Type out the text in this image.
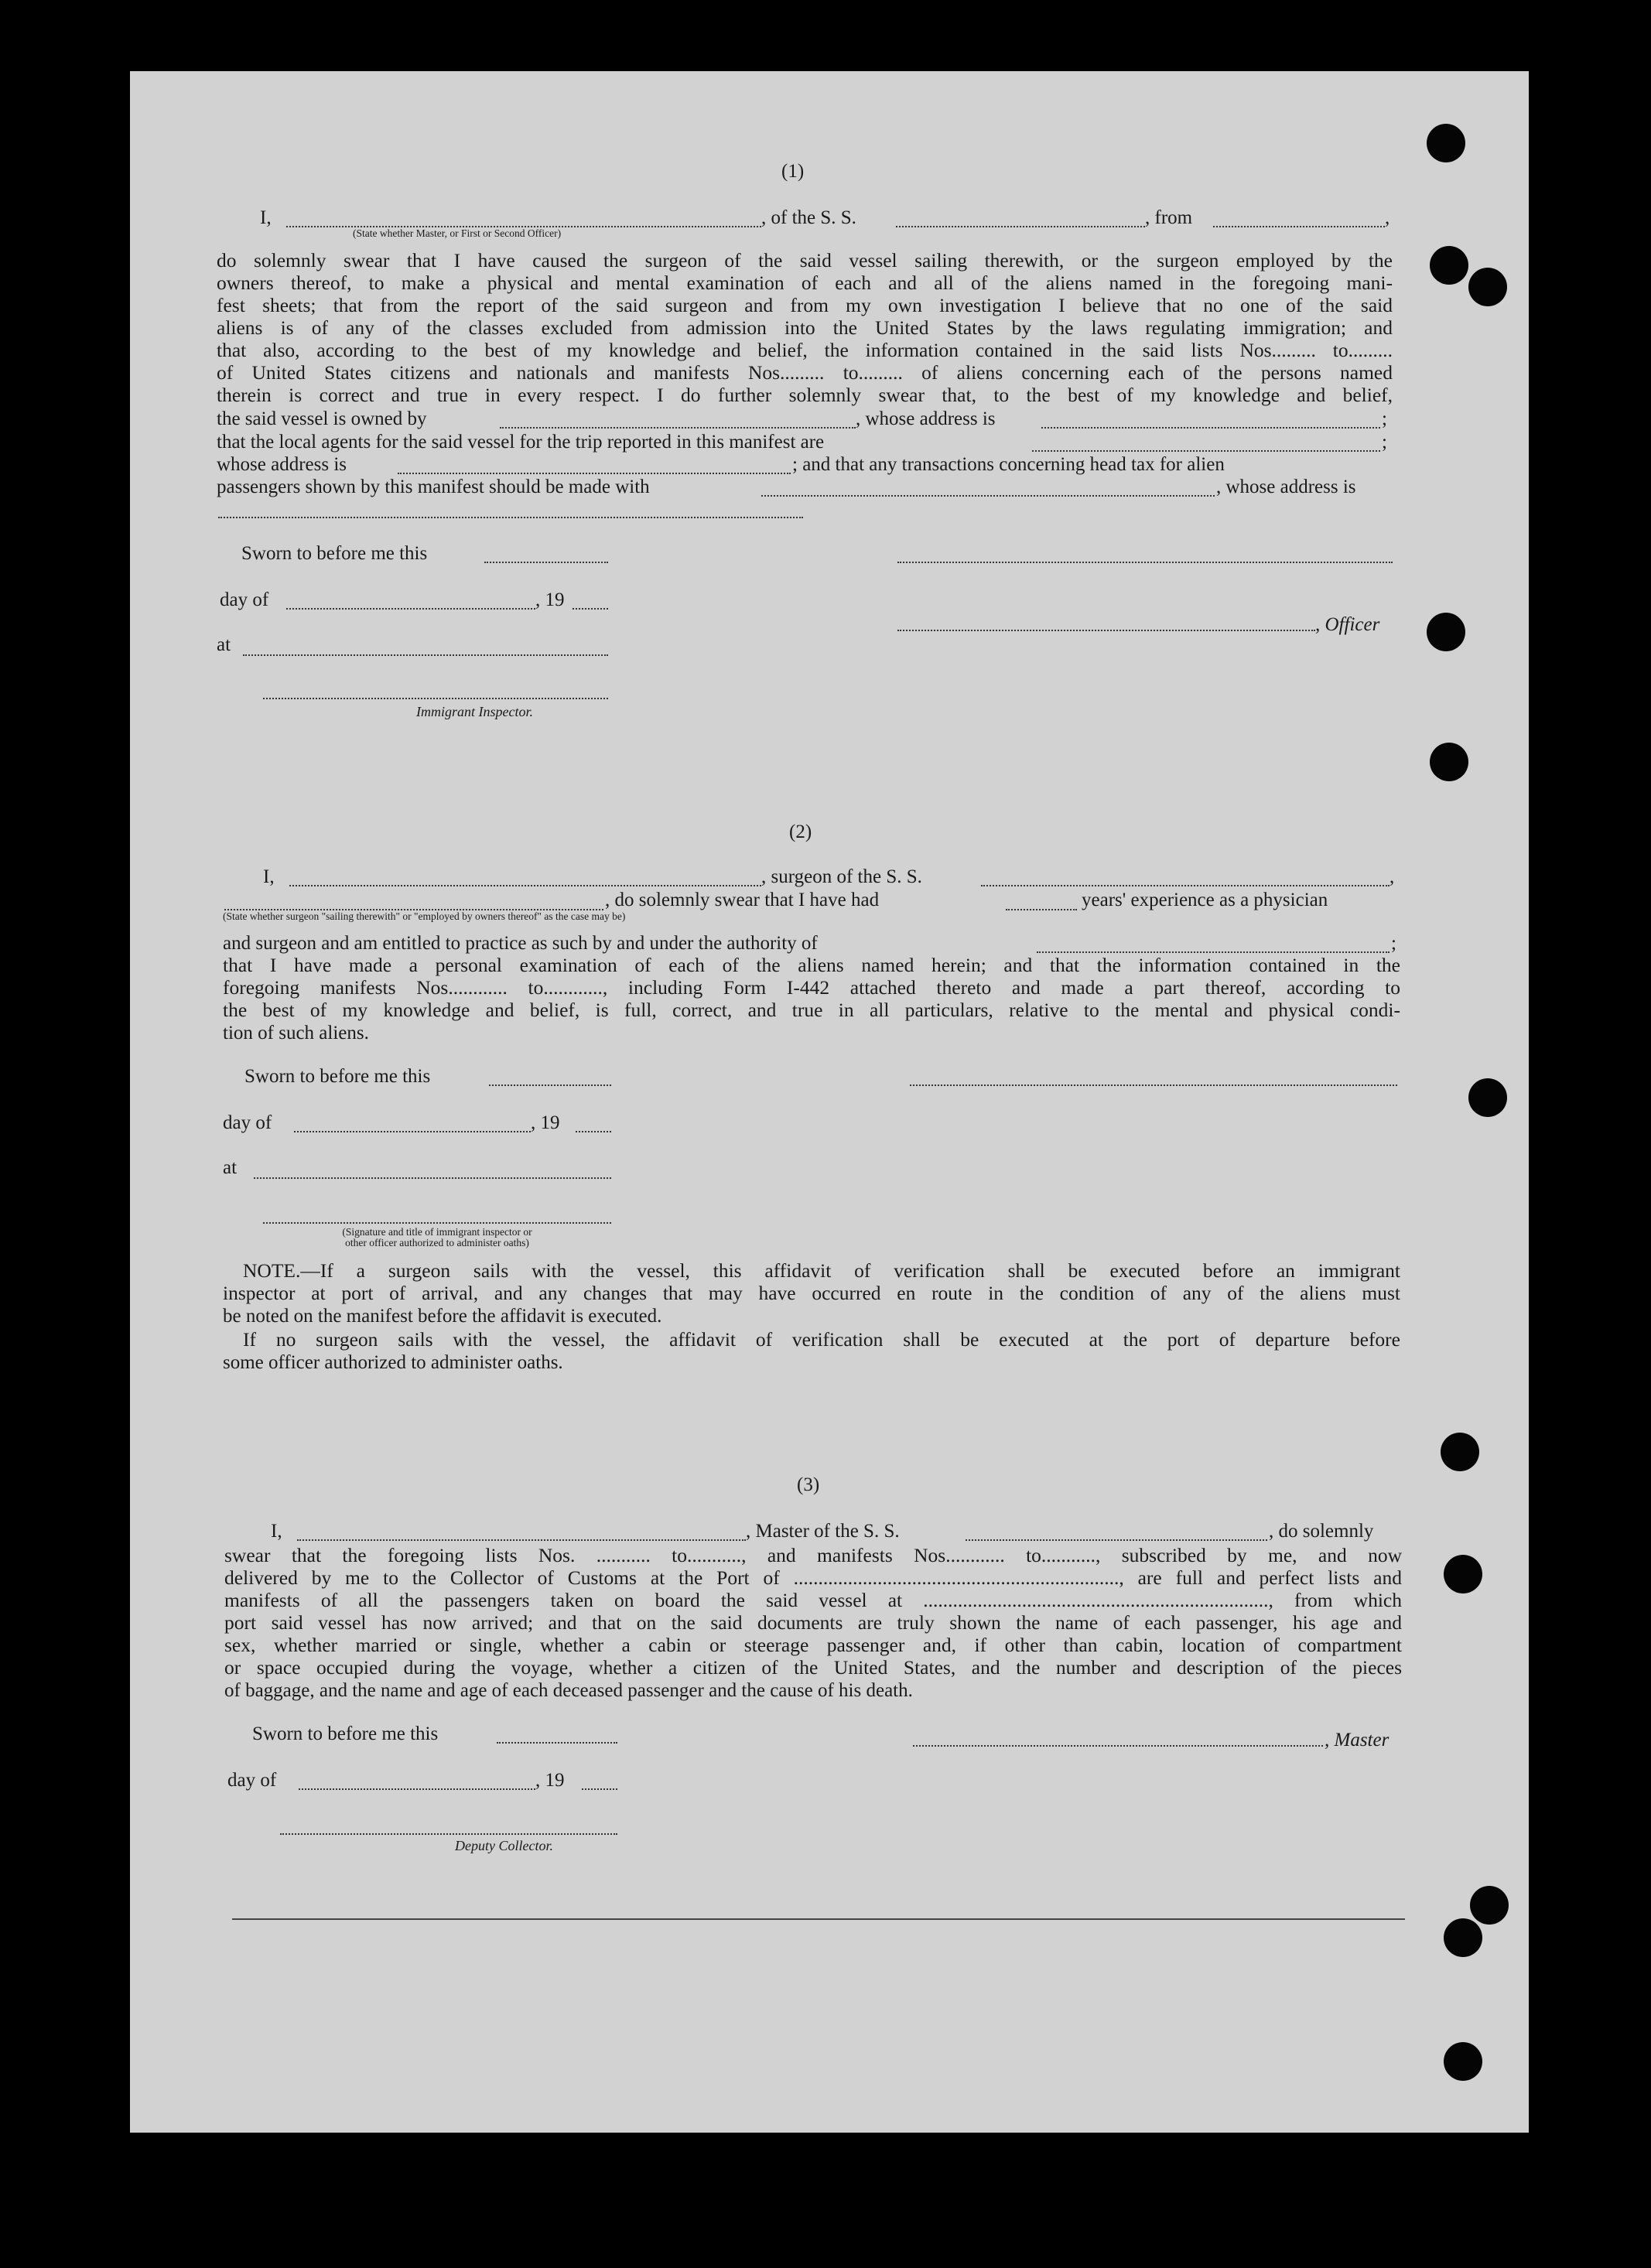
(1)
I,	, of the S. S.	, from	,
(State whether Master, or First or Second Officer)
do solemnly swear that I have caused the surgeon of the said vessel sailing therewith, or the surgeon employed by the
owners thereof, to make a physical and mental examination of each and all of the aliens named in the foregoing mani-
fest sheets; that from the report of the said surgeon and from my own investigation I believe that no one of the said
aliens is of any of the classes excluded from admission into the United States by the laws regulating immigration; and
that also, according to the best of my knowledge and belief, the information contained in the said lists Nos......... to.........
of United States citizens and nationals and manifests Nos......... to......... of aliens concerning each of the persons named
therein is correct and true in every respect. I do further solemnly swear that, to the best of my knowledge and belief,
the said vessel is owned by	, whose address is	;
that the local agents for the said vessel for the trip reported in this manifest are	;
whose address is	; and that any transactions concerning head tax for alien
passengers shown by this manifest should be made with	, whose address is
Sworn to before me this
day of	, 19
at
, Officer
Immigrant Inspector.
(2)
I,	, surgeon of the S. S.	,
, do solemnly swear that I have had	years' experience as a physician
(State whether surgeon "sailing therewith" or "employed by owners thereof" as the case may be)
and surgeon and am entitled to practice as such by and under the authority of	;
that I have made a personal examination of each of the aliens named herein; and that the information contained in the
foregoing manifests Nos............ to............, including Form I-442 attached thereto and made a part thereof, according to
the best of my knowledge and belief, is full, correct, and true in all particulars, relative to the mental and physical condi-
tion of such aliens.
Sworn to before me this
day of	, 19
at
(Signature and title of immigrant inspector or
other officer authorized to administer oaths)
NOTE.—If a surgeon sails with the vessel, this affidavit of verification shall be executed before an immigrant
inspector at port of arrival, and any changes that may have occurred en route in the condition of any of the aliens must
be noted on the manifest before the affidavit is executed.
If no surgeon sails with the vessel, the affidavit of verification shall be executed at the port of departure before
some officer authorized to administer oaths.
(3)
I,	, Master of the S. S.	, do solemnly
swear that the foregoing lists Nos. ........... to..........., and manifests Nos............ to..........., subscribed by me, and now
delivered by me to the Collector of Customs at the Port of .................................................................., are full and perfect lists and
manifests of all the passengers taken on board the said vessel at ......................................................................, from which
port said vessel has now arrived; and that on the said documents are truly shown the name of each passenger, his age and
sex, whether married or single, whether a cabin or steerage passenger and, if other than cabin, location of compartment
or space occupied during the voyage, whether a citizen of the United States, and the number and description of the pieces
of baggage, and the name and age of each deceased passenger and the cause of his death.
Sworn to before me this
day of	, 19
, Master
Deputy Collector.
